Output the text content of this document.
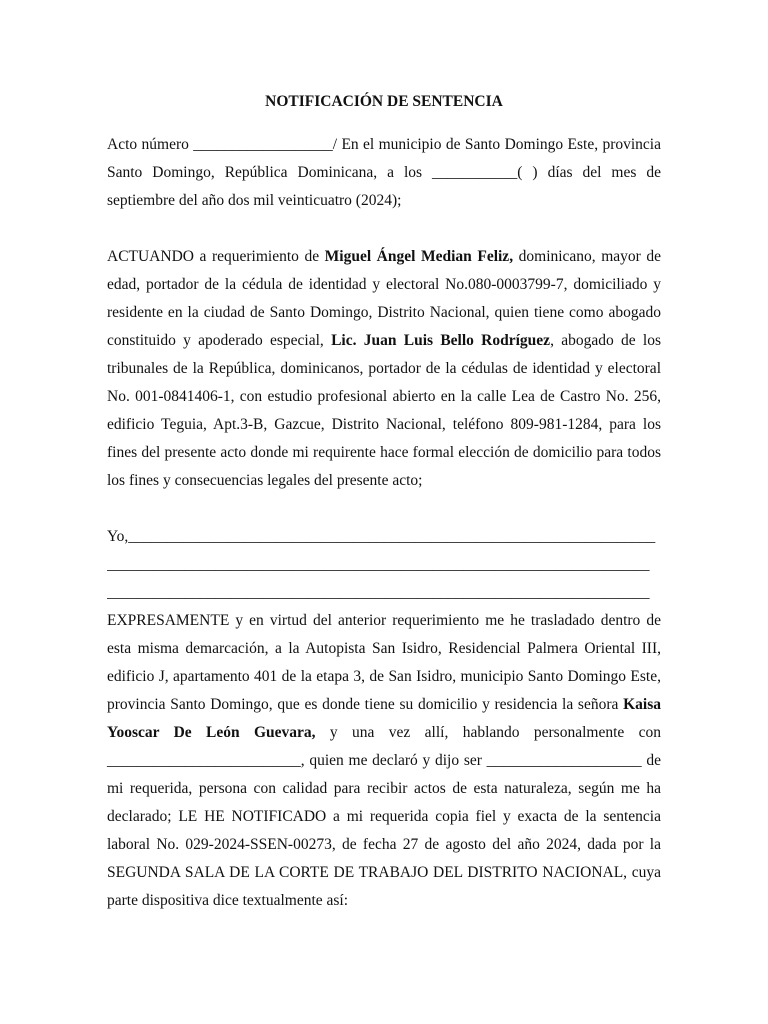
NOTIFICACIÓN DE SENTENCIA

Acto número __________________/ En el municipio de Santo Domingo Este, provincia Santo Domingo, República Dominicana, a los ___________( ) días del mes de septiembre del año dos mil veinticuatro (2024);

ACTUANDO a requerimiento de Miguel Ángel Median Feliz, dominicano, mayor de edad, portador de la cédula de identidad y electoral No.080-0003799-7, domiciliado y residente en la ciudad de Santo Domingo, Distrito Nacional, quien tiene como abogado constituido y apoderado especial, Lic. Juan Luis Bello Rodríguez, abogado de los tribunales de la República, dominicanos, portador de la cédulas de identidad y electoral No. 001-0841406-1, con estudio profesional abierto en la calle Lea de Castro No. 256, edificio Teguia, Apt.3-B, Gazcue, Distrito Nacional, teléfono 809-981-1284, para los fines del presente acto donde mi requirente hace formal elección de domicilio para todos los fines y consecuencias legales del presente acto;

Yo,____________________________________________________________________
______________________________________________________________________
______________________________________________________________________

EXPRESAMENTE y en virtud del anterior requerimiento me he trasladado dentro de esta misma demarcación, a la Autopista San Isidro, Residencial Palmera Oriental III, edificio J, apartamento 401 de la etapa 3, de San Isidro, municipio Santo Domingo Este, provincia Santo Domingo, que es donde tiene su domicilio y residencia la señora Kaisa Yooscar De León Guevara, y una vez allí, hablando personalmente con _________________________, quien me declaró y dijo ser ____________________ de mi requerida, persona con calidad para recibir actos de esta naturaleza, según me ha declarado; LE HE NOTIFICADO a mi requerida copia fiel y exacta de la sentencia laboral No. 029-2024-SSEN-00273, de fecha 27 de agosto del año 2024, dada por la SEGUNDA SALA DE LA CORTE DE TRABAJO DEL DISTRITO NACIONAL, cuya parte dispositiva dice textualmente así:
